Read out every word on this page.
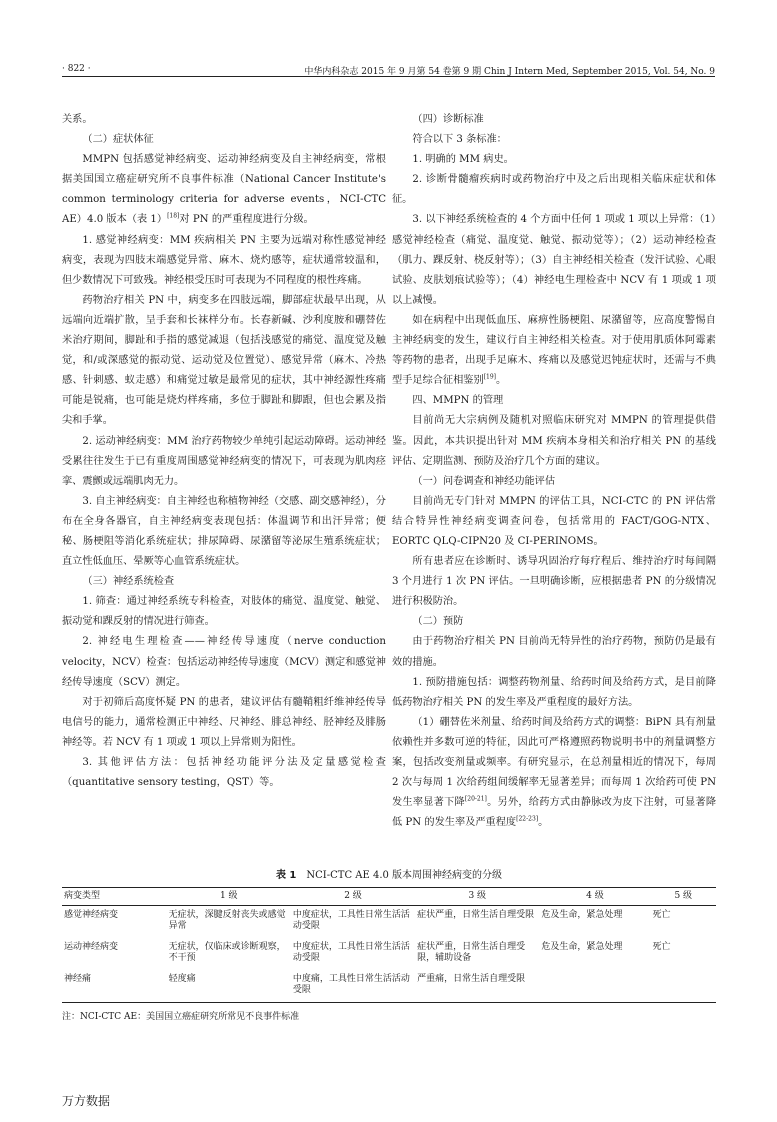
· 822 ·	中华内科杂志 2015 年 9 月第 54 卷第 9 期 Chin J Intern Med, September 2015, Vol. 54, No. 9

关系。

（二）症状体征

MMPN 包括感觉神经病变、运动神经病变及自主神经病变，常根据美国国立癌症研究所不良事件标准（National Cancer Institute's common terminology criteria for adverse events，NCI-CTC AE）4.0 版本（表 1）[18]对 PN 的严重程度进行分级。

1. 感觉神经病变：MM 疾病相关 PN 主要为远端对称性感觉神经病变，表现为四肢末端感觉异常、麻木、烧灼感等，症状通常较温和，但少数情况下可致残。神经根受压时可表现为不同程度的根性疼痛。

药物治疗相关 PN 中，病变多在四肢远端，脚部症状最早出现，从远端向近端扩散，呈手套和长袜样分布。长春新碱、沙利度胺和硼替佐米治疗期间，脚趾和手指的感觉减退（包括浅感觉的痛觉、温度觉及触觉，和/或深感觉的振动觉、运动觉及位置觉）、感觉异常（麻木、冷热感、针刺感、蚁走感）和痛觉过敏是最常见的症状，其中神经源性疼痛可能是锐痛，也可能是烧灼样疼痛，多位于脚趾和脚跟，但也会累及指尖和手掌。

2. 运动神经病变：MM 治疗药物较少单纯引起运动障碍。运动神经受累往往发生于已有重度周围感觉神经病变的情况下，可表现为肌肉痉挛、震颤或远端肌肉无力。

3. 自主神经病变：自主神经也称植物神经（交感、副交感神经），分布在全身各器官，自主神经病变表现包括：体温调节和出汗异常；便秘、肠梗阻等消化系统症状；排尿障碍、尿潴留等泌尿生殖系统症状；直立性低血压、晕厥等心血管系统症状。

（三）神经系统检查

1. 筛查：通过神经系统专科检查，对肢体的痛觉、温度觉、触觉、振动觉和踝反射的情况进行筛查。

2. 神经电生理检查——神经传导速度（nerve conduction velocity，NCV）检查：包括运动神经传导速度（MCV）测定和感觉神经传导速度（SCV）测定。

对于初筛后高度怀疑 PN 的患者，建议评估有髓鞘粗纤维神经传导电信号的能力，通常检测正中神经、尺神经、腓总神经、胫神经及腓肠神经等。若 NCV 有 1 项或 1 项以上异常则为阳性。

3. 其他评估方法：包括神经功能评分法及定量感觉检查（quantitative sensory testing，QST）等。

（四）诊断标准

符合以下 3 条标准：

1. 明确的 MM 病史。

2. 诊断骨髓瘤疾病时或药物治疗中及之后出现相关临床症状和体征。

3. 以下神经系统检查的 4 个方面中任何 1 项或 1 项以上异常：（1）感觉神经检查（痛觉、温度觉、触觉、振动觉等）；（2）运动神经检查（肌力、踝反射、桡反射等）；（3）自主神经相关检查（发汗试验、心眼试验、皮肤划痕试验等）；（4）神经电生理检查中 NCV 有 1 项或 1 项以上减慢。

如在病程中出现低血压、麻痹性肠梗阻、尿潴留等，应高度警惕自主神经病变的发生，建议行自主神经相关检查。对于使用肌质体阿霉素等药物的患者，出现手足麻木、疼痛以及感觉迟钝症状时，还需与不典型手足综合征相鉴别[19]。

四、MMPN 的管理

目前尚无大宗病例及随机对照临床研究对 MMPN 的管理提供借鉴。因此，本共识提出针对 MM 疾病本身相关和治疗相关 PN 的基线评估、定期监测、预防及治疗几个方面的建议。

（一）问卷调查和神经功能评估

目前尚无专门针对 MMPN 的评估工具，NCI-CTC 的 PN 评估常结合特异性神经病变调查问卷，包括常用的 FACT/GOG-NTX、EORTC QLQ-CIPN20 及 CI-PERINOMS。

所有患者应在诊断时、诱导巩固治疗每疗程后、维持治疗时每间隔 3 个月进行 1 次 PN 评估。一旦明确诊断，应根据患者 PN 的分级情况进行积极防治。

（二）预防

由于药物治疗相关 PN 目前尚无特异性的治疗药物，预防仍是最有效的措施。

1. 预防措施包括：调整药物剂量、给药时间及给药方式，是目前降低药物治疗相关 PN 的发生率及严重程度的最好方法。

（1）硼替佐米剂量、给药时间及给药方式的调整：BiPN 具有剂量依赖性并多数可逆的特征，因此可严格遵照药物说明书中的剂量调整方案，包括改变剂量或频率。有研究显示，在总剂量相近的情况下，每周 2 次与每周 1 次给药组间缓解率无显著差异；而每周 1 次给药可使 PN 发生率显著下降[20-21]。另外，给药方式由静脉改为皮下注射，可显著降低 PN 的发生率及严重程度[22-23]。

表 1 NCI-CTC AE 4.0 版本周围神经病变的分级
病变类型	1 级	2 级	3 级	4 级	5 级
感觉神经病变	无症状，深腱反射丧失或感觉异常	中度症状，工具性日常生活活动受限	症状严重，日常生活自理受限	危及生命，紧急处理	死亡
运动神经病变	无症状，仅临床或诊断观察，不干预	中度症状，工具性日常生活活动受限	症状严重，日常生活自理受限，辅助设备	危及生命，紧急处理	死亡
神经痛	轻度痛	中度痛，工具性日常生活活动受限	严重痛，日常生活自理受限		
注：NCI-CTC AE：美国国立癌症研究所常见不良事件标准
万方数据
